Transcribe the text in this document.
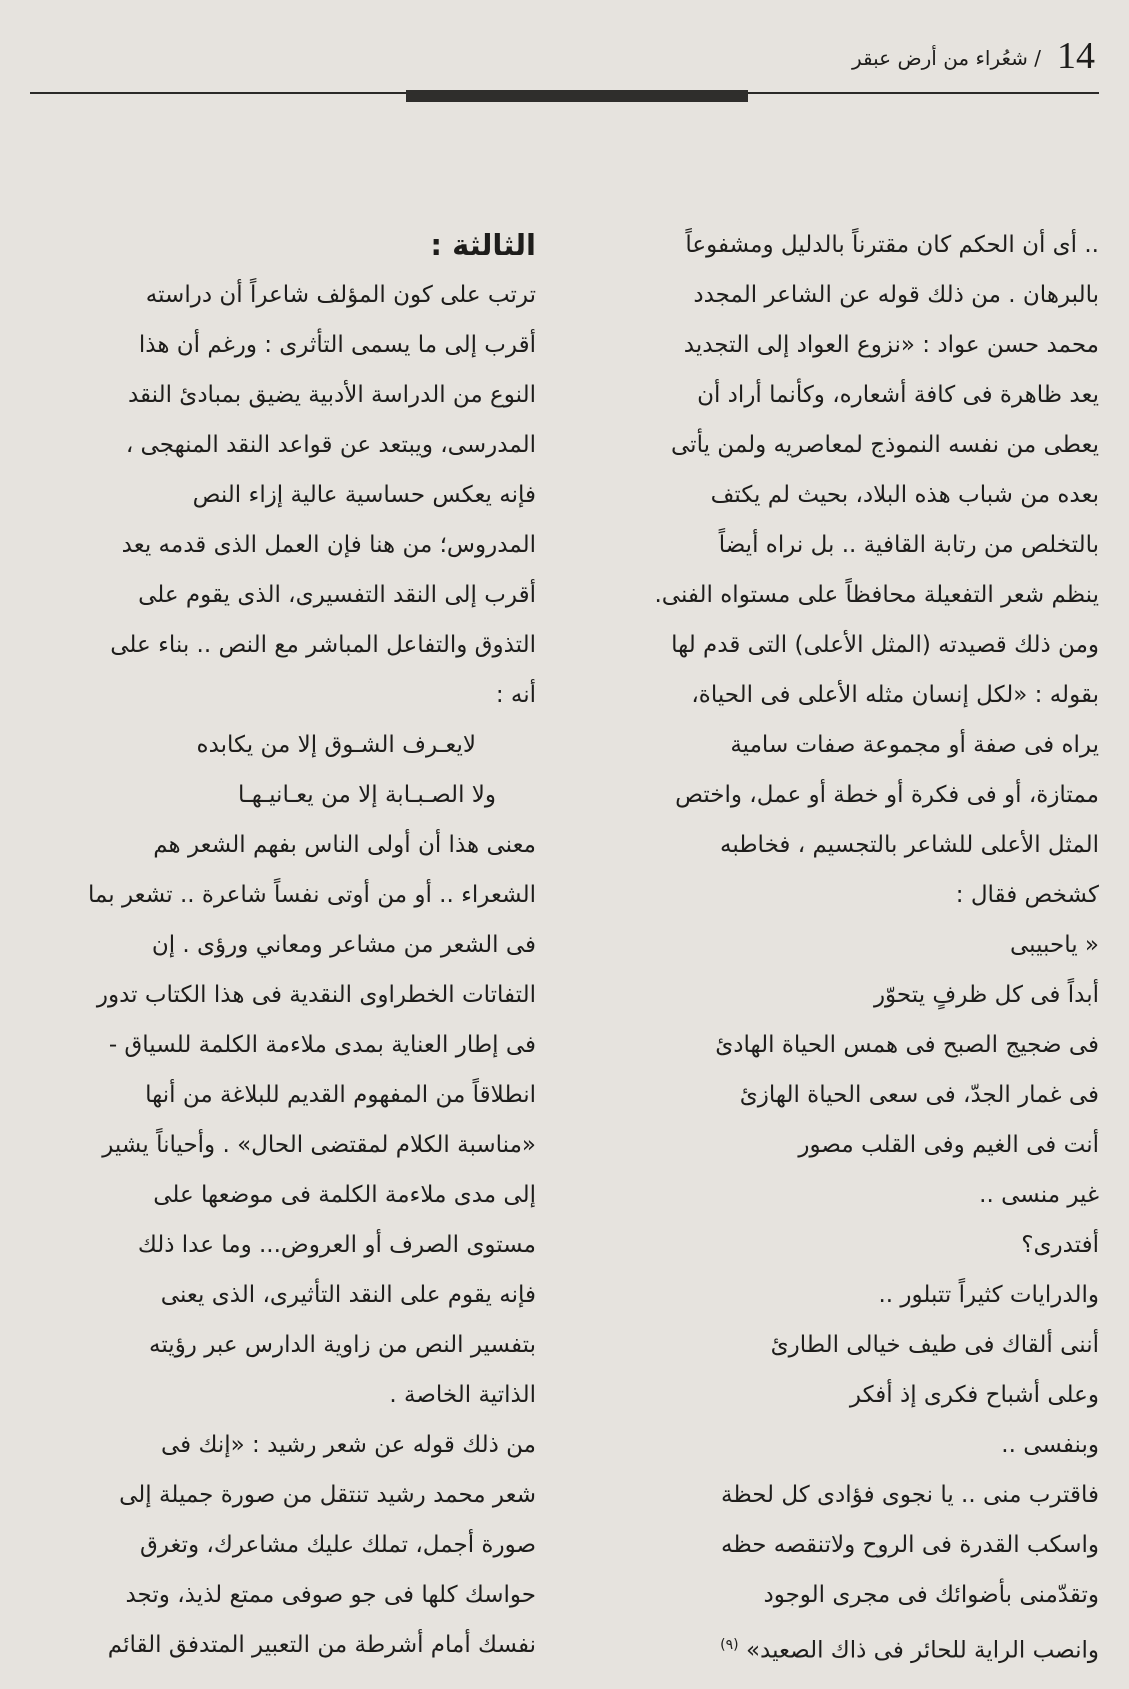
14
/ شعُراء من أرض عبقر
.. أى أن الحكم كان مقترناً بالدليل ومشفوعاً
بالبرهان . من ذلك قوله عن الشاعر المجدد
محمد حسن عواد : «نزوع العواد إلى التجديد
يعد ظاهرة فى كافة أشعاره، وكأنما أراد أن
يعطى من نفسه النموذج لمعاصريه ولمن يأتى
بعده من شباب هذه البلاد، بحيث لم يكتف
بالتخلص من رتابة القافية .. بل نراه أيضاً
ينظم شعر التفعيلة محافظاً على مستواه الفنى.
ومن ذلك قصيدته (المثل الأعلى) التى قدم لها
بقوله : «لكل إنسان مثله الأعلى فى الحياة،
يراه فى صفة أو مجموعة صفات سامية
ممتازة، أو فى فكرة أو خطة أو عمل، واختص
المثل الأعلى للشاعر بالتجسيم ، فخاطبه
كشخص فقال :
« ياحبيبى
أبداً فى كل ظرفٍ يتحوّر
فى ضجيج الصبح فى همس الحياة الهادئ
فى غمار الجدّ، فى سعى الحياة الهازئ
أنت فى الغيم وفى القلب مصور
غير منسى ..
أفتدرى؟
والدرايات كثيراً تتبلور ..
أننى ألقاك فى طيف خيالى الطارئ
وعلى أشباح فكرى إذ أفكر
وبنفسى ..
فاقترب منى .. يا نجوى فؤادى كل لحظة
واسكب القدرة فى الروح ولاتنقصه حظه
وتقدّمنى بأضوائك فى مجرى الوجود
وانصب الراية للحائر فى ذاك الصعيد» $^{(٩)}$
الثالثة :
ترتب على كون المؤلف شاعراً أن دراسته
أقرب إلى ما يسمى التأثرى : ورغم أن هذا
النوع من الدراسة الأدبية يضيق بمبادئ النقد
المدرسى، ويبتعد عن قواعد النقد المنهجى ،
فإنه يعكس حساسية عالية إزاء النص
المدروس؛ من هنا فإن العمل الذى قدمه يعد
أقرب إلى النقد التفسيرى، الذى يقوم على
التذوق والتفاعل المباشر مع النص .. بناء على
أنه :
لايعـرف الشـوق إلا من يكابده
ولا الصـبـابة إلا من يعـانيـهـا
معنى هذا أن أولى الناس بفهم الشعر هم
الشعراء .. أو من أوتى نفساً شاعرة .. تشعر بما
فى الشعر من مشاعر ومعاني ورؤى . إن
التفاتات الخطراوى النقدية فى هذا الكتاب تدور
فى إطار العناية بمدى ملاءمة الكلمة للسياق -
انطلاقاً من المفهوم القديم للبلاغة من أنها
«مناسبة الكلام لمقتضى الحال» . وأحياناً يشير
إلى مدى ملاءمة الكلمة فى موضعها على
مستوى الصرف أو العروض... وما عدا ذلك
فإنه يقوم على النقد التأثيرى، الذى يعنى
بتفسير النص من زاوية الدارس عبر رؤيته
الذاتية الخاصة .
من ذلك قوله عن شعر رشيد : «إنك فى
شعر محمد رشيد تنتقل من صورة جميلة إلى
صورة أجمل، تملك عليك مشاعرك، وتغرق
حواسك كلها فى جو صوفى ممتع لذيذ، وتجد
نفسك أمام أشرطة من التعبير المتدفق القائم
